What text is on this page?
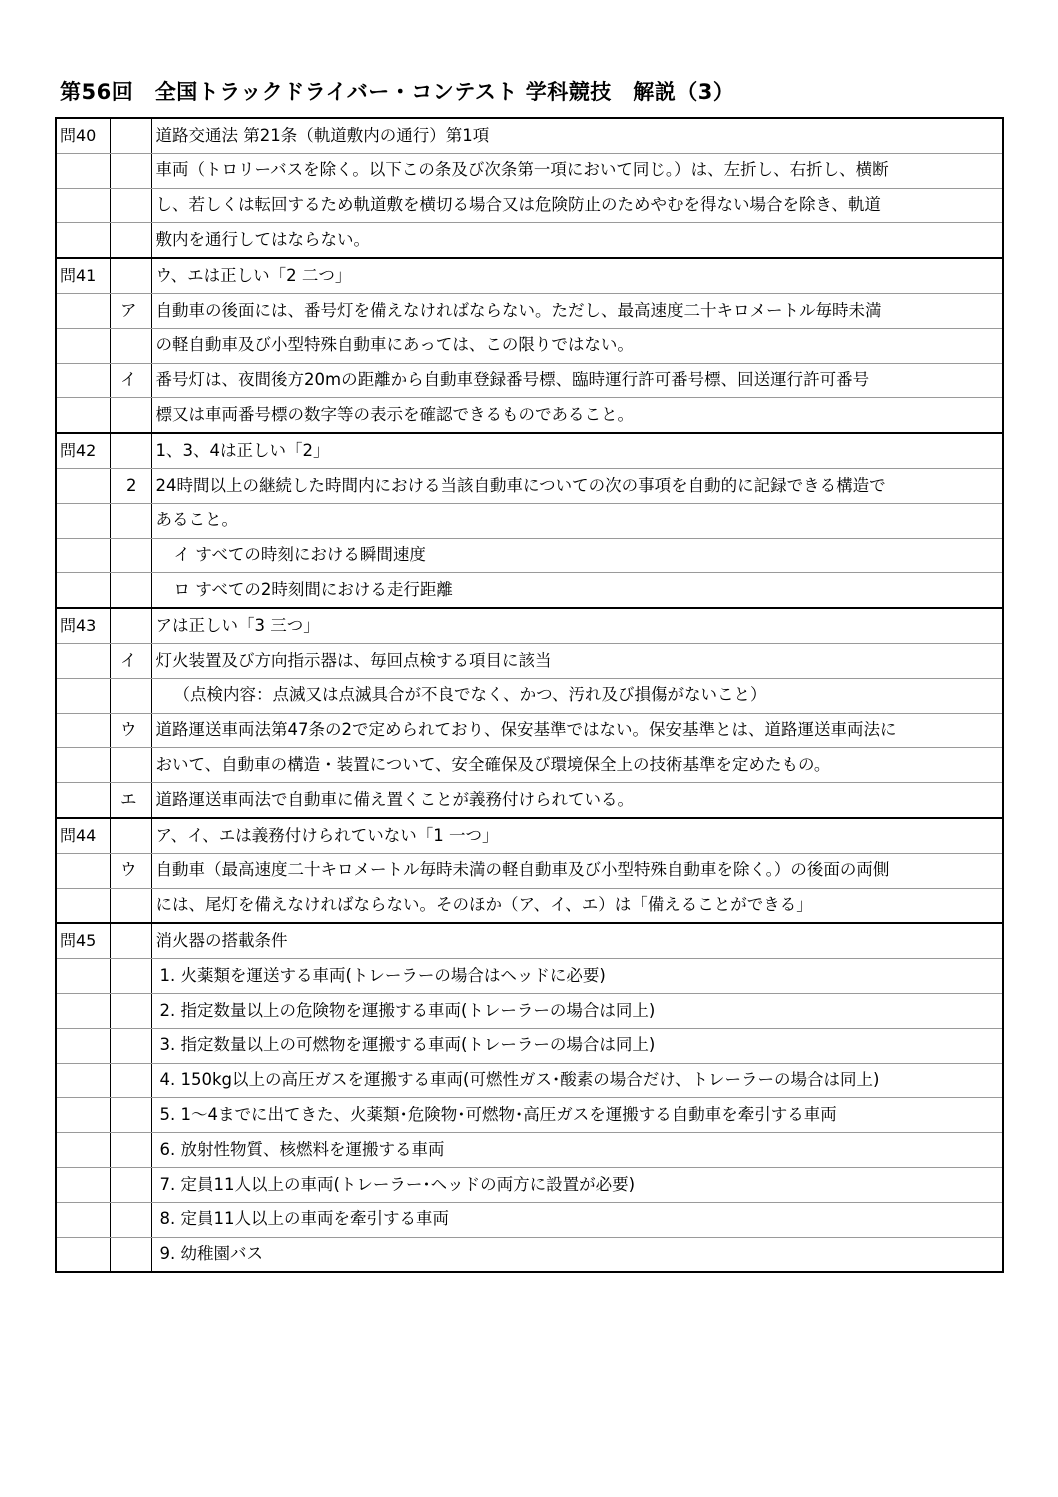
第56回　全国トラックドライバー・コンテスト 学科競技　解説（3）
問40		道路交通法 第21条（軌道敷内の通行）第1項
		車両（トロリーバスを除く。以下この条及び次条第一項において同じ。）は、左折し、右折し、横断
		し、若しくは転回するため軌道敷を横切る場合又は危険防止のためやむを得ない場合を除き、軌道
		敷内を通行してはならない。
問41		ウ、エは正しい「2 二つ」
	ア	自動車の後面には、番号灯を備えなければならない。ただし、最高速度二十キロメートル毎時未満
		の軽自動車及び小型特殊自動車にあっては、この限りではない。
	イ	番号灯は、夜間後方20mの距離から自動車登録番号標、臨時運行許可番号標、回送運行許可番号
		標又は車両番号標の数字等の表示を確認できるものであること。
問42		1、3、4は正しい「2」
	2	24時間以上の継続した時間内における当該自動車についての次の事項を自動的に記録できる構造で
		あること。
		イ すべての時刻における瞬間速度
		ロ すべての2時刻間における走行距離
問43		アは正しい「3 三つ」
	イ	灯火装置及び方向指示器は、毎回点検する項目に該当
		（点検内容：点滅又は点滅具合が不良でなく、かつ、汚れ及び損傷がないこと）
	ウ	道路運送車両法第47条の2で定められており、保安基準ではない。保安基準とは、道路運送車両法に
		おいて、自動車の構造・装置について、安全確保及び環境保全上の技術基準を定めたもの。
	エ	道路運送車両法で自動車に備え置くことが義務付けられている。
問44		ア、イ、エは義務付けられていない「1 一つ」
	ウ	自動車（最高速度二十キロメートル毎時未満の軽自動車及び小型特殊自動車を除く。）の後面の両側
		には、尾灯を備えなければならない。そのほか（ア、イ、エ）は「備えることができる」
問45		消火器の搭載条件
		1. 火薬類を運送する車両(トレーラーの場合はヘッドに必要)
		2. 指定数量以上の危険物を運搬する車両(トレーラーの場合は同上)
		3. 指定数量以上の可燃物を運搬する車両(トレーラーの場合は同上)
		4. 150kg以上の高圧ガスを運搬する車両(可燃性ガス･酸素の場合だけ、トレーラーの場合は同上)
		5. 1～4までに出てきた、火薬類･危険物･可燃物･高圧ガスを運搬する自動車を牽引する車両
		6. 放射性物質、核燃料を運搬する車両
		7. 定員11人以上の車両(トレーラー･ヘッドの両方に設置が必要)
		8. 定員11人以上の車両を牽引する車両
		9. 幼稚園バス
